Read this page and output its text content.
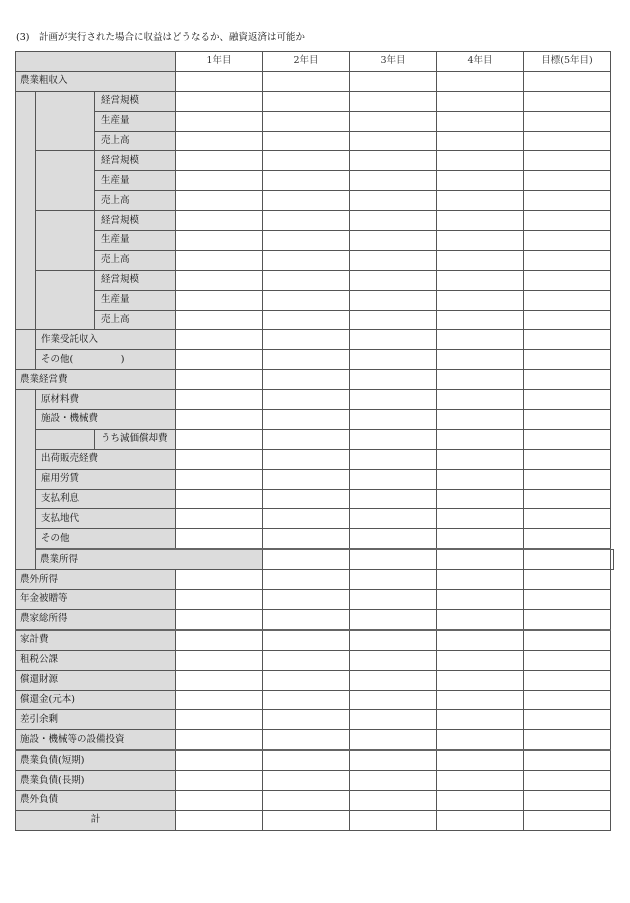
(3)　計画が実行された場合に収益はどうなるか、融資返済は可能か
			1年目	2年目	3年目	4年目	目標(5年目)	
農業粗収入								
		経営規模						
		生産量						
		売上高						
		経営規模						
		生産量						
		売上高						
		経営規模						
		生産量						
		売上高						
		経営規模						
		生産量						
		売上高						
	作業受託収入							
	その他(　　　　　)							
農業経営費								
	原材料費							
	施設・機械費							
		うち減価償却費						
	出荷販売経費							
	雇用労賃							
	支払利息							
	支払地代							
	その他							
	農業所得							
農外所得								
年金被贈等								
農家総所得								
家計費								
租税公課								
償還財源								
償還金(元本)								
差引余剰								
施設・機械等の設備投資								
農業負債(短期)								
農業負債(長期)								
農外負債								
計								
